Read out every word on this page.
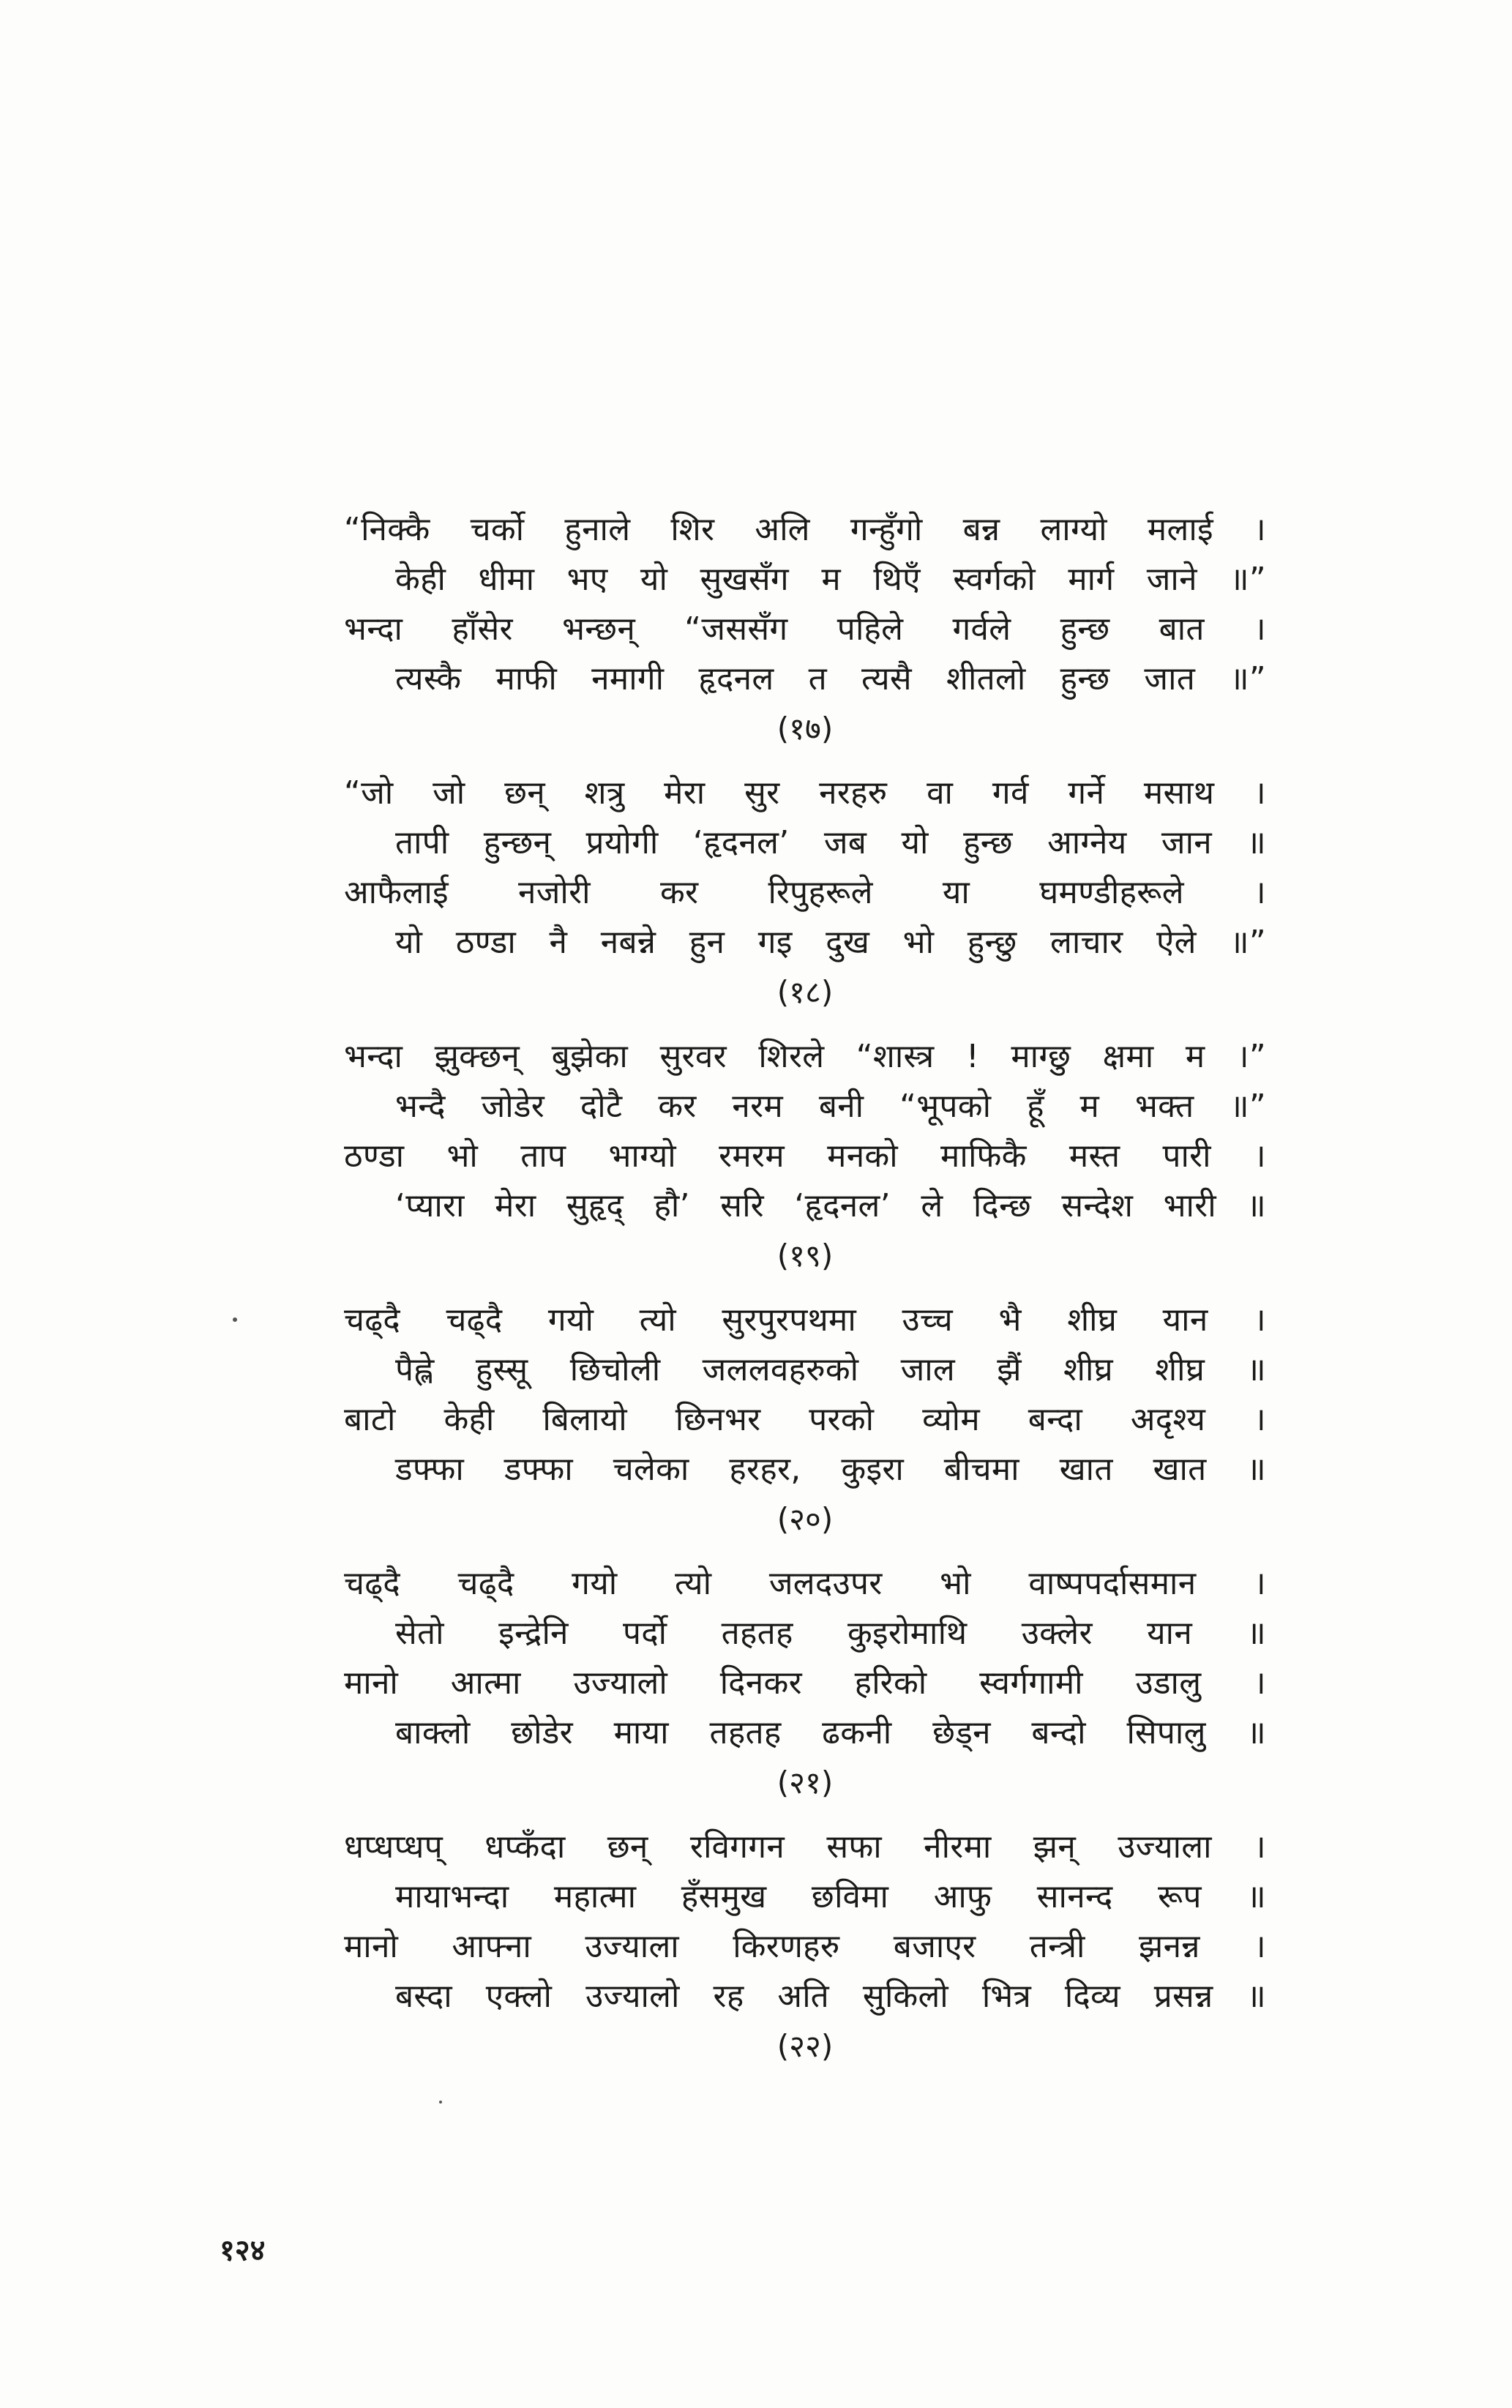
“निक्कै चर्को हुनाले शिर अलि गन्हुँगो बन्न लाग्यो मलाई ।
केही धीमा भए यो सुखसँग म थिएँ स्वर्गको मार्ग जाने ॥”
भन्दा हाँसेर भन्छन् “जससँग पहिले गर्वले हुन्छ बात ।
त्यस्कै माफी नमागी हृदनल त त्यसै शीतलो हुन्छ जात ॥”
(१७)
“जो जो छन् शत्रु मेरा सुर नरहरु वा गर्व गर्ने मसाथ ।
तापी हुन्छन् प्रयोगी ‘हृदनल’ जब यो हुन्छ आग्नेय जान ॥
आफैलाई नजोरी कर रिपुहरूले या घमण्डीहरूले ।
यो ठण्डा नै नबन्ने हुन गइ दुख भो हुन्छु लाचार ऐले ॥”
(१८)
भन्दा झुक्छन् बुझेका सुरवर शिरले “शास्त्र ! माग्छु क्षमा म ।”
भन्दै जोडेर दोटै कर नरम बनी “भूपको हूँ म भक्त ॥”
ठण्डा भो ताप भाग्यो रमरम मनको माफिकै मस्त पारी ।
‘प्यारा मेरा सुहृद् हौ’ सरि ‘हृदनल’ ले दिन्छ सन्देश भारी ॥
(१९)
चढ्दै चढ्दै गयो त्यो सुरपुरपथमा उच्च भै शीघ्र यान ।
पैह्ले हुस्सू छिचोली जललवहरुको जाल झैं शीघ्र शीघ्र ॥
बाटो केही बिलायो छिनभर परको व्योम बन्दा अदृश्य ।
डफ्फा डफ्फा चलेका हरहर, कुइरा बीचमा खात खात ॥
(२०)
चढ्दै चढ्दै गयो त्यो जलदउपर भो वाष्पपर्दासमान ।
सेतो इन्द्रेनि पर्दो तहतह कुइरोमाथि उक्लेर यान ॥
मानो आत्मा उज्यालो दिनकर हरिको स्वर्गगामी उडालु ।
बाक्लो छोडेर माया तहतह ढकनी छेड्न बन्दो सिपालु ॥
(२१)
धप्धप्धप् धप्कँदा छन् रविगगन सफा नीरमा झन् उज्याला ।
मायाभन्दा महात्मा हँसमुख छविमा आफु सानन्द रूप ॥
मानो आफ्ना उज्याला किरणहरु बजाएर तन्त्री झनन्न ।
बस्दा एक्लो उज्यालो रह अति सुकिलो भित्र दिव्य प्रसन्न ॥
(२२)
१२४
